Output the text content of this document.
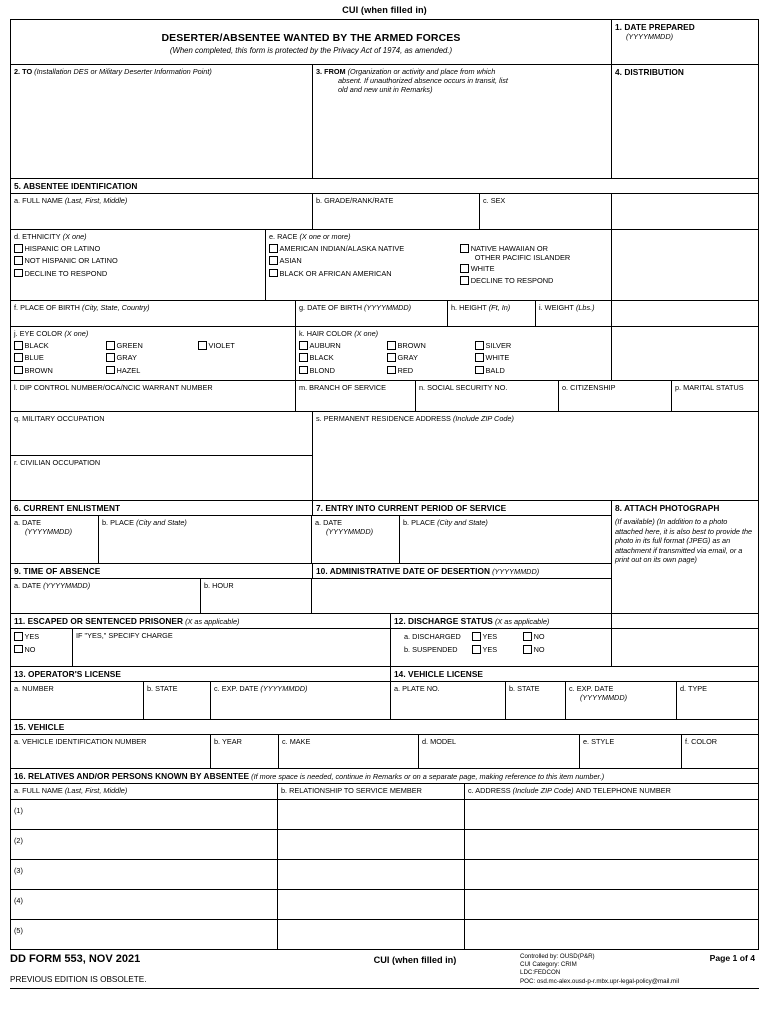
CUI (when filled in)
DESERTER/ABSENTEE WANTED BY THE ARMED FORCES
(When completed, this form is protected by the Privacy Act of 1974, as amended.)
1. DATE PREPARED
(YYYYMMDD)
2. TO (Installation DES or Military Deserter Information Point)	3. FROM (Organization or activity and place from which
absent. If unauthorized absence occurs in transit, list
old and new unit in Remarks)
4. DISTRIBUTION
5. ABSENTEE IDENTIFICATION
a. FULL NAME (Last, First, Middle)	b. GRADE/RANK/RATE	c. SEX
d. ETHNICITY (X one)
HISPANIC OR LATINO
NOT HISPANIC OR LATINO
DECLINE TO RESPOND
e. RACE (X one or more)
AMERICAN INDIAN/ALASKA NATIVE
ASIAN
BLACK OR AFRICAN AMERICAN
NATIVE HAWAIIAN OR
OTHER PACIFIC ISLANDER
WHITE
DECLINE TO RESPOND
f. PLACE OF BIRTH (City, State, Country)	g. DATE OF BIRTH (YYYYMMDD)	h. HEIGHT (Ft, In)	i. WEIGHT (Lbs.)
j. EYE COLOR (X one)
BLACK
BLUE
BROWN
GREEN
GRAY
HAZEL
VIOLET
k. HAIR COLOR (X one)
AUBURN
BLACK
BLOND
BROWN
GRAY
RED
SILVER
WHITE
BALD
l. DIP CONTROL NUMBER/OCA/NCIC WARRANT NUMBER	m. BRANCH OF SERVICE	n. SOCIAL SECURITY NO.	o. CITIZENSHIP	p. MARITAL STATUS
q. MILITARY OCCUPATION
r. CIVILIAN OCCUPATION
s. PERMANENT RESIDENCE ADDRESS (Include ZIP Code)
6. CURRENT ENLISTMENT	7. ENTRY INTO CURRENT PERIOD OF SERVICE	8. ATTACH PHOTOGRAPH
a. DATE
(YYYYMMDD)
b. PLACE (City and State)	a. DATE
(YYYYMMDD)
b. PLACE (City and State)
9. TIME OF ABSENCE	10. ADMINISTRATIVE DATE OF DESERTION (YYYYMMDD)
a. DATE (YYYYMMDD)	b. HOUR
(If available) (In addition to a photo attached here, it is also best to provide the photo in its full format (JPEG) as an attachment if transmitted via email, or a print out on its own page)
11. ESCAPED OR SENTENCED PRISONER (X as applicable)	12. DISCHARGE STATUS (X as applicable)
YES
NO
IF "YES," SPECIFY CHARGE	a. DISCHARGED	YES	NO
b. SUSPENDED	YES	NO
13. OPERATOR'S LICENSE	14. VEHICLE LICENSE
a. NUMBER	b. STATE	c. EXP. DATE (YYYYMMDD)	a. PLATE NO.	b. STATE	c. EXP. DATE
(YYYYMMDD)
d. TYPE
15. VEHICLE
a. VEHICLE IDENTIFICATION NUMBER	b. YEAR	c. MAKE	d. MODEL	e. STYLE	f. COLOR
16. RELATIVES AND/OR PERSONS KNOWN BY ABSENTEE (If more space is needed, continue in Remarks or on a separate page, making reference to this item number.)
a. FULL NAME (Last, First, Middle)	b. RELATIONSHIP TO SERVICE MEMBER	c. ADDRESS (Include ZIP Code) AND TELEPHONE NUMBER
(1)
(2)
(3)
(4)
(5)
DD FORM 553, NOV 2021
PREVIOUS EDITION IS OBSOLETE.
CUI (when filled in)	Controlled by: OUSD(P&R)
CUI Category: CRIM
LDC:FEDCON
POC: osd.mc-alex.ousd-p-r.mbx.upr-legal-policy@mail.mil
Page 1 of 4
